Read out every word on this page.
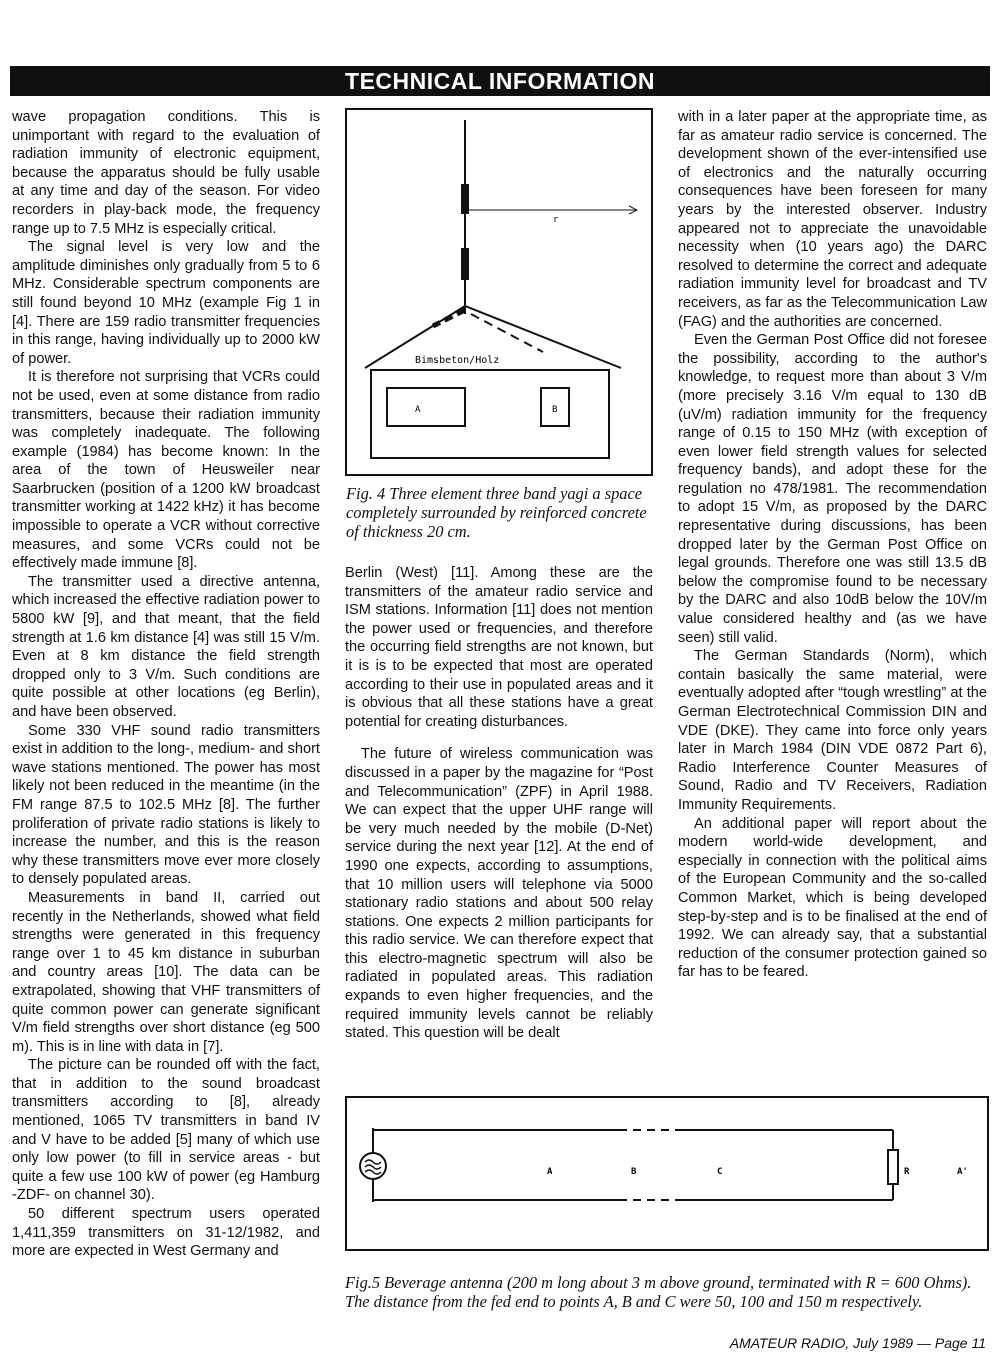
TECHNICAL INFORMATION

wave propagation conditions. This is unimportant with regard to the evaluation of radiation immunity of electronic equipment, because the apparatus should be fully usable at any time and day of the season. For video recorders in play-back mode, the frequency range up to 7.5 MHz is especially critical.

The signal level is very low and the amplitude diminishes only gradually from 5 to 6 MHz. Considerable spectrum components are still found beyond 10 MHz (example Fig 1 in [4]. There are 159 radio transmitter frequencies in this range, having individually up to 2000 kW of power.

It is therefore not surprising that VCRs could not be used, even at some distance from radio transmitters, because their radiation immunity was completely inadequate. The following example (1984) has become known: In the area of the town of Heusweiler near Saarbrucken (position of a 1200 kW broadcast transmitter working at 1422 kHz) it has become impossible to operate a VCR without corrective measures, and some VCRs could not be effectively made immune [8].

The transmitter used a directive antenna, which increased the effective radiation power to 5800 kW [9], and that meant, that the field strength at 1.6 km distance [4] was still 15 V/m. Even at 8 km distance the field strength dropped only to 3 V/m. Such conditions are quite possible at other locations (eg Berlin), and have been observed.

Some 330 VHF sound radio transmitters exist in addition to the long-, medium- and short wave stations mentioned. The power has most likely not been reduced in the meantime (in the FM range 87.5 to 102.5 MHz [8]. The further proliferation of private radio stations is likely to increase the number, and this is the reason why these transmitters move ever more closely to densely populated areas.

Measurements in band II, carried out recently in the Netherlands, showed what field strengths were generated in this frequency range over 1 to 45 km distance in suburban and country areas [10]. The data can be extrapolated, showing that VHF transmitters of quite common power can generate significant V/m field strengths over short distance (eg 500 m). This is in line with data in [7].

The picture can be rounded off with the fact, that in addition to the sound broadcast transmitters according to [8], already mentioned, 1065 TV transmitters in band IV and V have to be added [5] many of which use only low power (to fill in service areas - but quite a few use 100 kW of power (eg Hamburg -ZDF- on channel 30).

50 different spectrum users operated 1,411,359 transmitters on 31-12/1982, and more are expected in West Germany and

r
Bimsbeton/Holz
A	B
Fig. 4 Three element three band yagi a space completely surrounded by reinforced concrete of thickness 20 cm.

Berlin (West) [11]. Among these are the transmitters of the amateur radio service and ISM stations. Information [11] does not mention the power used or frequencies, and therefore the occurring field strengths are not known, but it is is to be expected that most are operated according to their use in populated areas and it is obvious that all these stations have a great potential for creating disturbances.

The future of wireless communication was discussed in a paper by the magazine for “Post and Telecommunication” (ZPF) in April 1988. We can expect that the upper UHF range will be very much needed by the mobile (D-Net) service during the next year [12]. At the end of 1990 one expects, according to assumptions, that 10 million users will telephone via 5000 stationary radio stations and about 500 relay stations. One expects 2 million participants for this radio service. We can therefore expect that this electro-magnetic spectrum will also be radiated in populated areas. This radiation expands to even higher frequencies, and the required immunity levels cannot be reliably stated. This question will be dealt

with in a later paper at the appropriate time, as far as amateur radio service is concerned. The development shown of the ever-intensified use of electronics and the naturally occurring consequences have been foreseen for many years by the interested observer. Industry appeared not to appreciate the unavoidable necessity when (10 years ago) the DARC resolved to determine the correct and adequate radiation immunity level for broadcast and TV receivers, as far as the Telecommunication Law (FAG) and the authorities are concerned.

Even the German Post Office did not foresee the possibility, according to the author's knowledge, to request more than about 3 V/m (more precisely 3.16 V/m equal to 130 dB (uV/m) radiation immunity for the frequency range of 0.15 to 150 MHz (with exception of even lower field strength values for selected frequency bands), and adopt these for the regulation no 478/1981. The recommendation to adopt 15 V/m, as proposed by the DARC representative during discussions, has been dropped later by the German Post Office on legal grounds. Therefore one was still 13.5 dB below the compromise found to be necessary by the DARC and also 10dB below the 10V/m value considered healthy and (as we have seen) still valid.

The German Standards (Norm), which contain basically the same material, were eventually adopted after “tough wrestling” at the German Electrotechnical Commission DIN and VDE (DKE). They came into force only years later in March 1984 (DIN VDE 0872 Part 6), Radio Interference Counter Measures of Sound, Radio and TV Receivers, Radiation Immunity Requirements.

An additional paper will report about the modern world-wide development, and especially in connection with the political aims of the European Community and the so-called Common Market, which is being developed step-by-step and is to be finalised at the end of 1992. We can already say, that a substantial reduction of the consumer protection gained so far has to be feared.

A	B	C	R	A'
Fig.5 Beverage antenna (200 m long about 3 m above ground, terminated with R = 600 Ohms). The distance from the fed end to points A, B and C were 50, 100 and 150 m respectively.
AMATEUR RADIO, July 1989 — Page 11
